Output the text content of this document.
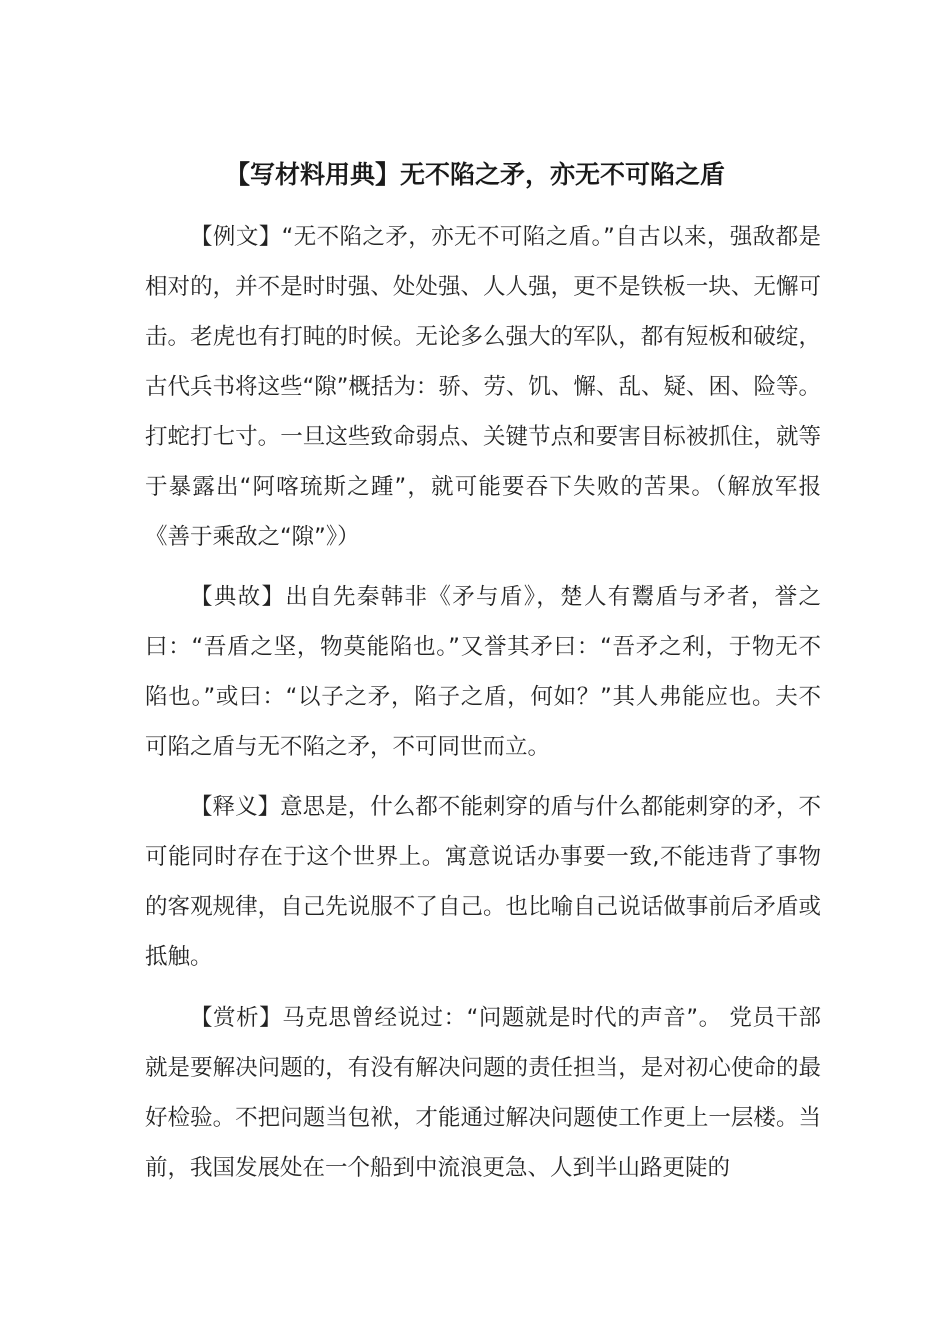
【写材料用典】无不陷之矛，亦无不可陷之盾

【例文】“无不陷之矛，亦无不可陷之盾。”自古以来，强敌都是相对的，并不是时时强、处处强、人人强，更不是铁板一块、无懈可击。老虎也有打盹的时候。无论多么强大的军队，都有短板和破绽，古代兵书将这些“隙”概括为：骄、劳、饥、懈、乱、疑、困、险等。打蛇打七寸。一旦这些致命弱点、关键节点和要害目标被抓住，就等于暴露出“阿喀琉斯之踵”，就可能要吞下失败的苦果。（解放军报《善于乘敌之“隙”》）

【典故】出自先秦韩非《矛与盾》，楚人有鬻盾与矛者，誉之曰：“吾盾之坚，物莫能陷也。”又誉其矛曰：“吾矛之利，于物无不陷也。”或曰：“以子之矛，陷子之盾，何如？”其人弗能应也。夫不可陷之盾与无不陷之矛，不可同世而立。

【释义】意思是，什么都不能刺穿的盾与什么都能刺穿的矛，不可能同时存在于这个世界上。寓意说话办事要一致,不能违背了事物的客观规律，自己先说服不了自己。也比喻自己说话做事前后矛盾或抵触。

【赏析】马克思曾经说过：“问题就是时代的声音”。 党员干部就是要解决问题的，有没有解决问题的责任担当，是对初心使命的最好检验。不把问题当包袱，才能通过解决问题使工作更上一层楼。当前，我国发展处在一个船到中流浪更急、人到半山路更陡的
